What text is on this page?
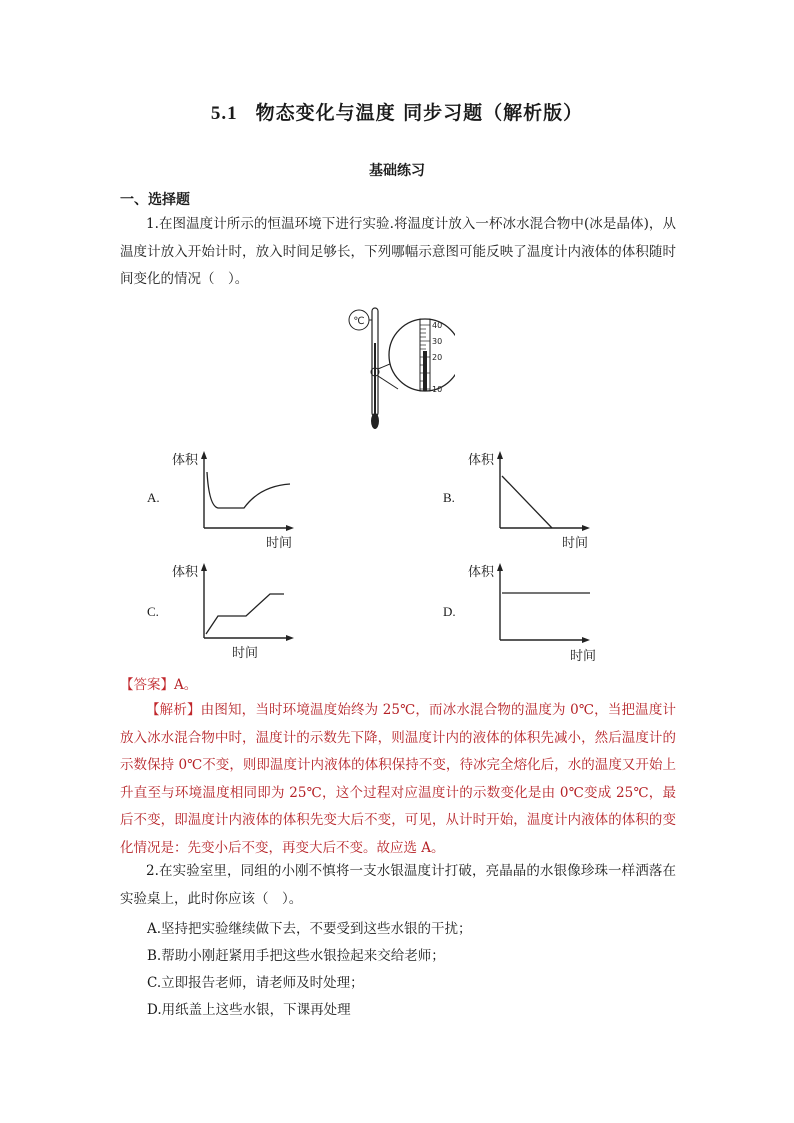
5.1 物态变化与温度 同步习题（解析版）
基础练习
一、选择题
1.在图温度计所示的恒温环境下进行实验.将温度计放入一杯冰水混合物中(冰是晶体)，从温度计放入开始计时，放入时间足够长，下列哪幅示意图可能反映了温度计内液体的体积随时间变化的情况（　）。
℃	40
30
20
10
A.	B.
C.	D.
体积
时间
体积
时间
体积
时间
体积
时间
【答案】A。
【解析】由图知，当时环境温度始终为 25℃，而冰水混合物的温度为 0℃，当把温度计放入冰水混合物中时，温度计的示数先下降，则温度计内的液体的体积先减小，然后温度计的示数保持 0℃不变，则即温度计内液体的体积保持不变，待冰完全熔化后，水的温度又开始上升直至与环境温度相同即为 25℃，这个过程对应温度计的示数变化是由 0℃变成 25℃，最后不变，即温度计内液体的体积先变大后不变，可见，从计时开始，温度计内液体的体积的变化情况是：先变小后不变，再变大后不变。故应选 A。
2.在实验室里，同组的小刚不慎将一支水银温度计打破，亮晶晶的水银像珍珠一样洒落在实验桌上，此时你应该（　）。
A.坚持把实验继续做下去，不要受到这些水银的干扰；
B.帮助小刚赶紧用手把这些水银捡起来交给老师；
C.立即报告老师，请老师及时处理；
D.用纸盖上这些水银，下课再处理
